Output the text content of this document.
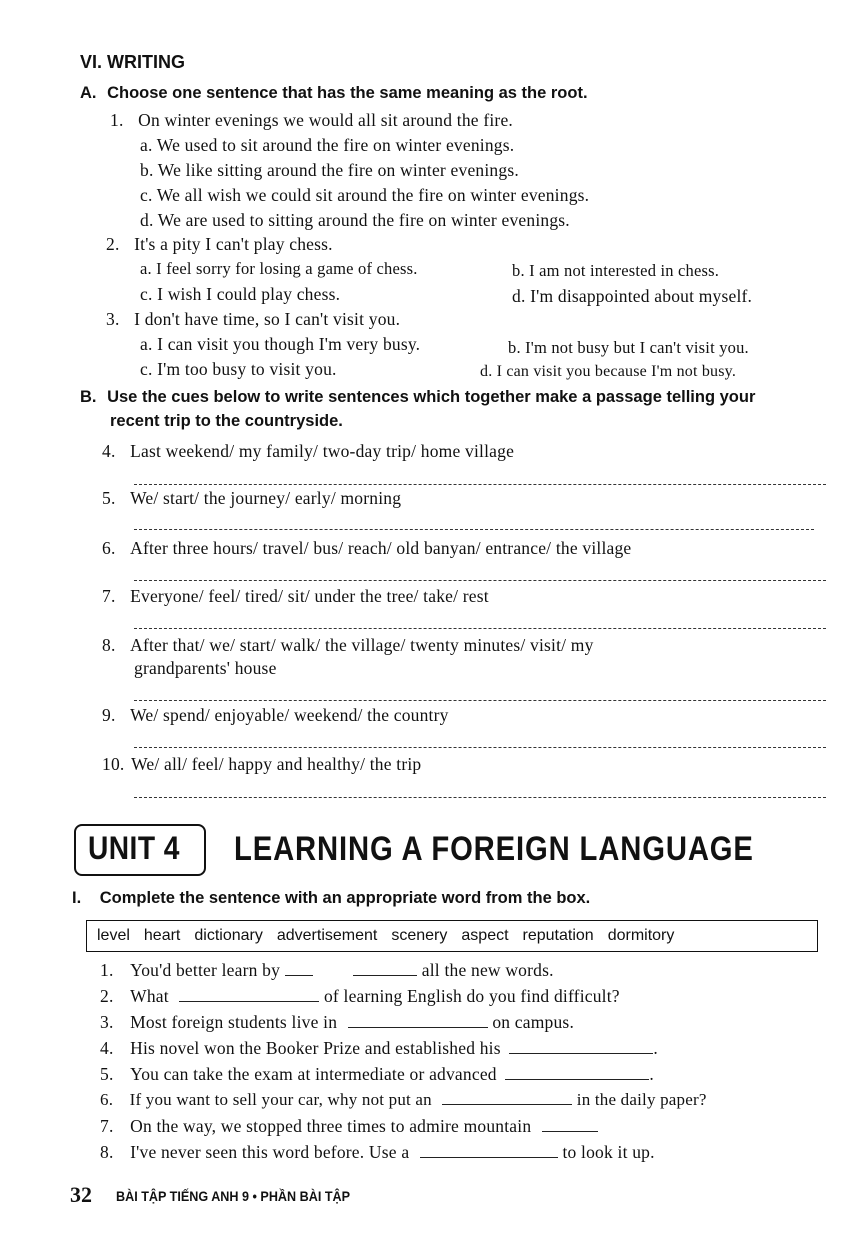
VI. WRITING
A. Choose one sentence that has the same meaning as the root.
1. On winter evenings we would all sit around the fire.
a. We used to sit around the fire on winter evenings.
b. We like sitting around the fire on winter evenings.
c. We all wish we could sit around the fire on winter evenings.
d. We are used to sitting around the fire on winter evenings.
2. It's a pity I can't play chess.
a. I feel sorry for losing a game of chess.	b. I am not interested in chess.
c. I wish I could play chess.	d. I'm disappointed about myself.
3. I don't have time, so I can't visit you.
a. I can visit you though I'm very busy.	b. I'm not busy but I can't visit you.
c. I'm too busy to visit you.	d. I can visit you because I'm not busy.
B. Use the cues below to write sentences which together make a passage telling your
recent trip to the countryside.
4. Last weekend/ my family/ two-day trip/ home village
5. We/ start/ the journey/ early/ morning
6. After three hours/ travel/ bus/ reach/ old banyan/ entrance/ the village
7. Everyone/ feel/ tired/ sit/ under the tree/ take/ rest
8. After that/ we/ start/ walk/ the village/ twenty minutes/ visit/ my
grandparents' house
9. We/ spend/ enjoyable/ weekend/ the country
10. We/ all/ feel/ happy and healthy/ the trip
UNIT 4 LEARNING A FOREIGN LANGUAGE
I. Complete the sentence with an appropriate word from the box.
level heart dictionary advertisement scenery aspect reputation dormitory
1. You'd better learn by	all the new words.
2. What	of learning English do you find difficult?
3. Most foreign students live in	on campus.
4. His novel won the Booker Prize and established his	.
5. You can take the exam at intermediate or advanced	.
6. If you want to sell your car, why not put an	in the daily paper?
7. On the way, we stopped three times to admire mountain
8. I've never seen this word before. Use a	to look it up.
32 BÀI TẬP TIẾNG ANH 9 • PHẦN BÀI TẬP
